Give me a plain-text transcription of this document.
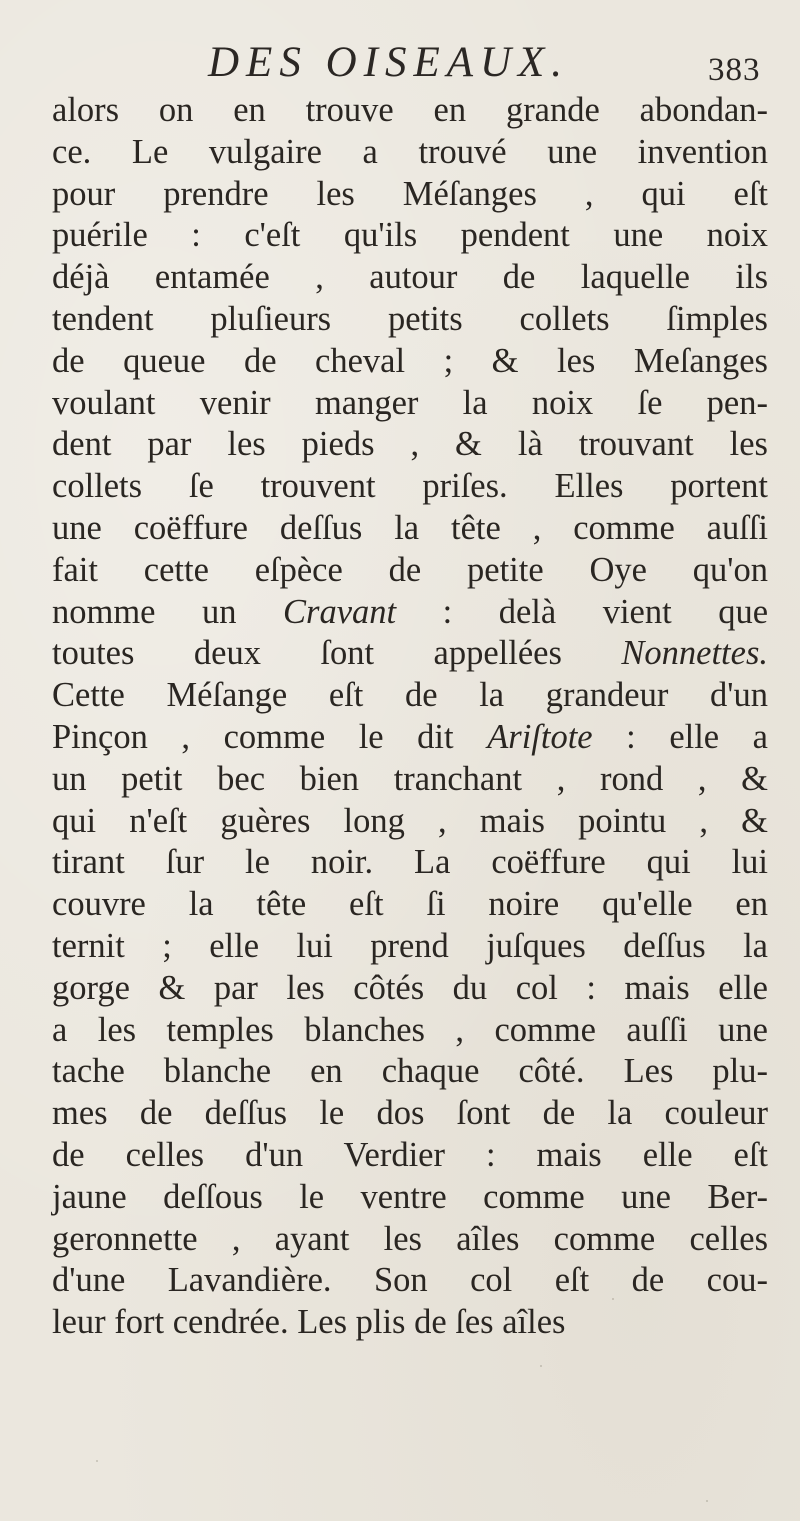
DES OISEAUX.	383
alors on en trouve en grande abondan-
ce. Le vulgaire a trouvé une invention
pour prendre les Méſanges , qui eſt
puérile : c'eſt qu'ils pendent une noix
déjà entamée , autour de laquelle ils
tendent pluſieurs petits collets ſimples
de queue de cheval ; & les Meſanges
voulant venir manger la noix ſe pen-
dent par les pieds , & là trouvant les
collets ſe trouvent priſes. Elles portent
une coëffure deſſus la tête , comme auſſi
fait cette eſpèce de petite Oye qu'on
nomme un Cravant : delà vient que
toutes deux ſont appellées Nonnettes.
Cette Méſange eſt de la grandeur d'un
Pinçon , comme le dit Ariſtote : elle a
un petit bec bien tranchant , rond , &
qui n'eſt guères long , mais pointu , &
tirant ſur le noir. La coëffure qui lui
couvre la tête eſt ſi noire qu'elle en
ternit ; elle lui prend juſques deſſus la
gorge & par les côtés du col : mais elle
a les temples blanches , comme auſſi une
tache blanche en chaque côté. Les plu-
mes de deſſus le dos ſont de la couleur
de celles d'un Verdier : mais elle eſt
jaune deſſous le ventre comme une Ber-
geronnette , ayant les aîles comme celles
d'une Lavandière. Son col eſt de cou-
leur fort cendrée. Les plis de ſes aîles
